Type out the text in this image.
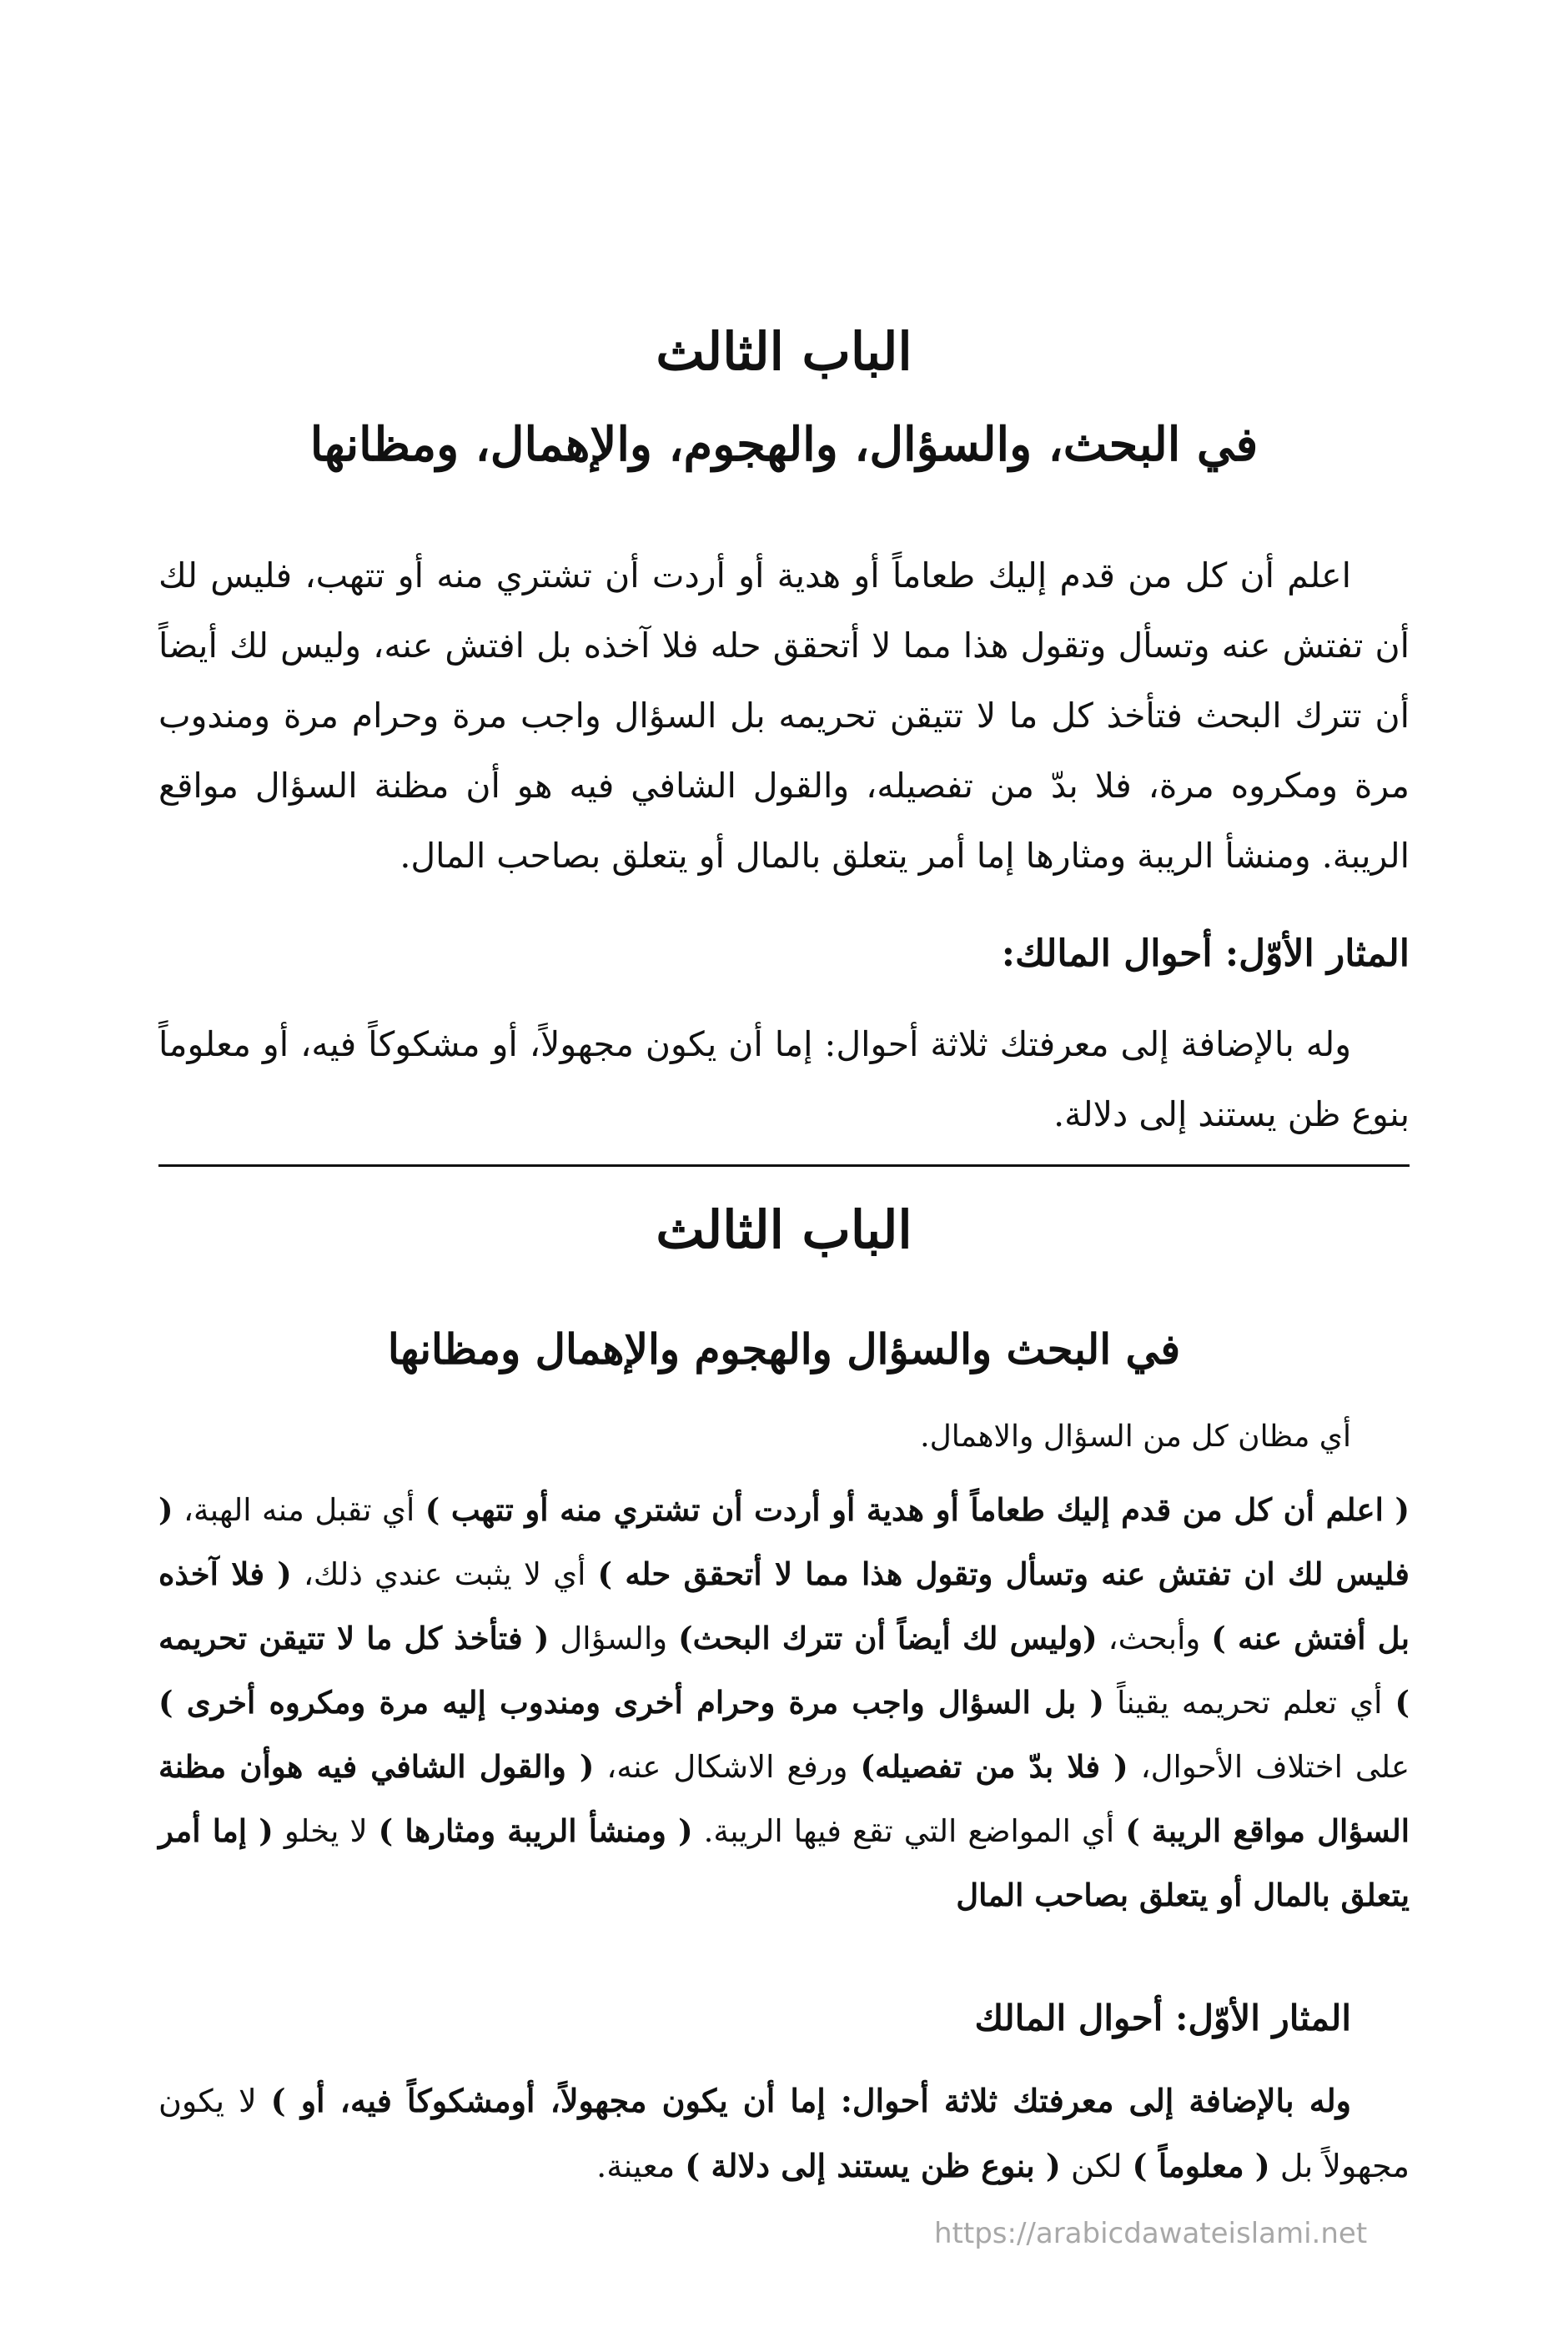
الباب الثالث
في البحث، والسؤال، والهجوم، والإهمال، ومظانها

اعلم أن كل من قدم إليك طعاماً أو هدية أو أردت أن تشتري منه أو تتهب، فليس لك أن تفتش عنه وتسأل وتقول هذا مما لا أتحقق حله فلا آخذه بل افتش عنه، وليس لك أيضاً أن تترك البحث فتأخذ كل ما لا تتيقن تحريمه بل السؤال واجب مرة وحرام مرة ومندوب مرة ومكروه مرة، فلا بدّ من تفصيله، والقول الشافي فيه هو أن مظنة السؤال مواقع الريبة. ومنشأ الريبة ومثارها إما أمر يتعلق بالمال أو يتعلق بصاحب المال.

المثار الأوّل: أحوال المالك:

وله بالإضافة إلى معرفتك ثلاثة أحوال: إما أن يكون مجهولاً، أو مشكوكاً فيه، أو معلوماً بنوع ظن يستند إلى دلالة.

الباب الثالث
في البحث والسؤال والهجوم والإهمال ومظانها

أي مظان كل من السؤال والاهمال.

( اعلم أن كل من قدم إليك طعاماً أو هدية أو أردت أن تشتري منه أو تتهب ) أي تقبل منه الهبة، ( فليس لك ان تفتش عنه وتسأل وتقول هذا مما لا أتحقق حله ) أي لا يثبت عندي ذلك، ( فلا آخذه بل أفتش عنه ) وأبحث، (وليس لك أيضاً أن تترك البحث) والسؤال ( فتأخذ كل ما لا تتيقن تحريمه ) أي تعلم تحريمه يقيناً ( بل السؤال واجب مرة وحرام أخرى ومندوب إليه مرة ومكروه أخرى ) على اختلاف الأحوال، ( فلا بدّ من تفصيله) ورفع الاشكال عنه، ( والقول الشافي فيه هوأن مظنة السؤال مواقع الريبة ) أي المواضع التي تقع فيها الريبة. ( ومنشأ الريبة ومثارها ) لا يخلو ( إما أمر يتعلق بالمال أو يتعلق بصاحب المال

المثار الأوّل: أحوال المالك

وله بالإضافة إلى معرفتك ثلاثة أحوال: إما أن يكون مجهولاً، أومشكوكاً فيه، أو ) لا يكون مجهولاً بل ( معلوماً ) لكن ( بنوع ظن يستند إلى دلالة ) معينة.

https://arabicdawateislami.net
